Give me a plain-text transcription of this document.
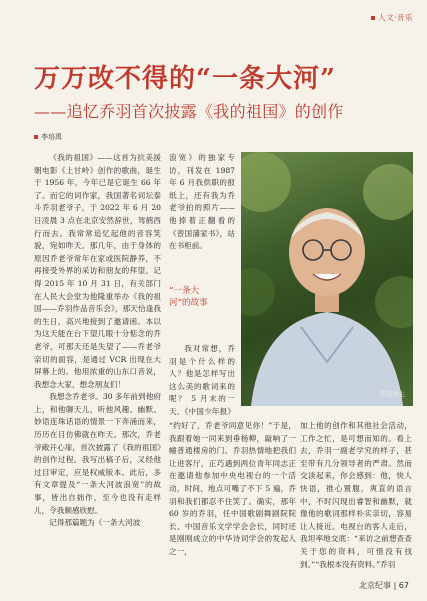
人文·音乐
万万改不得的“一条大河”
——追忆乔羽首次披露《我的祖国》的创作
李培禹

《我的祖国》——这首为抗美援朝电影《上甘岭》创作的歌曲，诞生于 1956 年，今年已是它诞生 66 年了。而它的词作家，我国著名词坛泰斗乔羽老爷子，于 2022 年 6 月 20 日凌晨 3 点在北京安然辞世，驾鹤西行而去。我常常追忆起他的音容笑貌，宛如昨天。那几年，由于身体的原因乔老爷常年在家或医院静养，不再接受外界的采访和朋友的拜望。记得 2015 年 10 月 31 日，有关部门在人民大会堂为他隆重举办《我的祖国——乔羽作品音乐会》，那天恰逢我的生日，高兴地接到了邀请函。本以为这天能在台下望几眼十分惦念的乔老爷，可那天还是失望了——乔老爷亲切的面容，是通过 VCR 出现在大屏幕上的。他用浓重的山东口音说，我想念大家，想念朋友们！

我想念乔老爷。30 多年前到他府上，和他聊天儿，听他风趣、幽默、妙语连珠话语的情景一下奔涌而来，历历在目仿佛就在昨天。那次，乔老爷敞开心扉，首次披露了《我的祖国》的创作过程。我写出稿子后，又经他过目审定，应是权威版本。此后，多有文章提及“一条大河波浪宽”的故事，皆出自拙作，至今也没有走样儿，令我颇感欣慰。

记得那篇题为《一条大河波

浪宽》的独家专访，刊发在 1987 年 6 月我供职的报纸上，还有我为乔老爷拍的照片——他捧着正翻看的《曾国藩家书》，站在书柜前。
“一条大
河”的故事

我对常想，乔羽是个什么样的人？他是怎样写出这么美的歌词来的呢？ 5 月末的一天，《中国少年报》

“约好了，乔老爷同意见你！”于是，我跟着她一同来到垂杨柳，敲响了一幢普通楼房的门。乔羽热情地把我们让进客厅，正巧遇到两位青年同志正在邀请他参加中央电视台的一个活动，时间、地点可嘴了不下 5 遍，乔羽和我们都忍不住笑了。确实，那年 60 岁的乔羽，任中国歌剧舞剧院院长、中国音乐文学学会会长，同时还是刚刚成立的中华诗词学会的发起人之一，
加上他的创作和其他社会活动，工作之忙，是可想而知的。看上去，乔羽一副老学究的样子，甚至带有几分领导者的严肃。然而交谈起来，你会感到：他，快人快语，推心置腹，爽直的语言中，不时闪现出睿智和幽默，就像他的歌词那样朴实亲切，容易让人接近。电视台的客人走后，我坦率地交底：“来访之前想查查关于您的资料，可惜没有找到。”“我根本没有资料。”乔羽
乔羽先生
北京纪事 | 67
